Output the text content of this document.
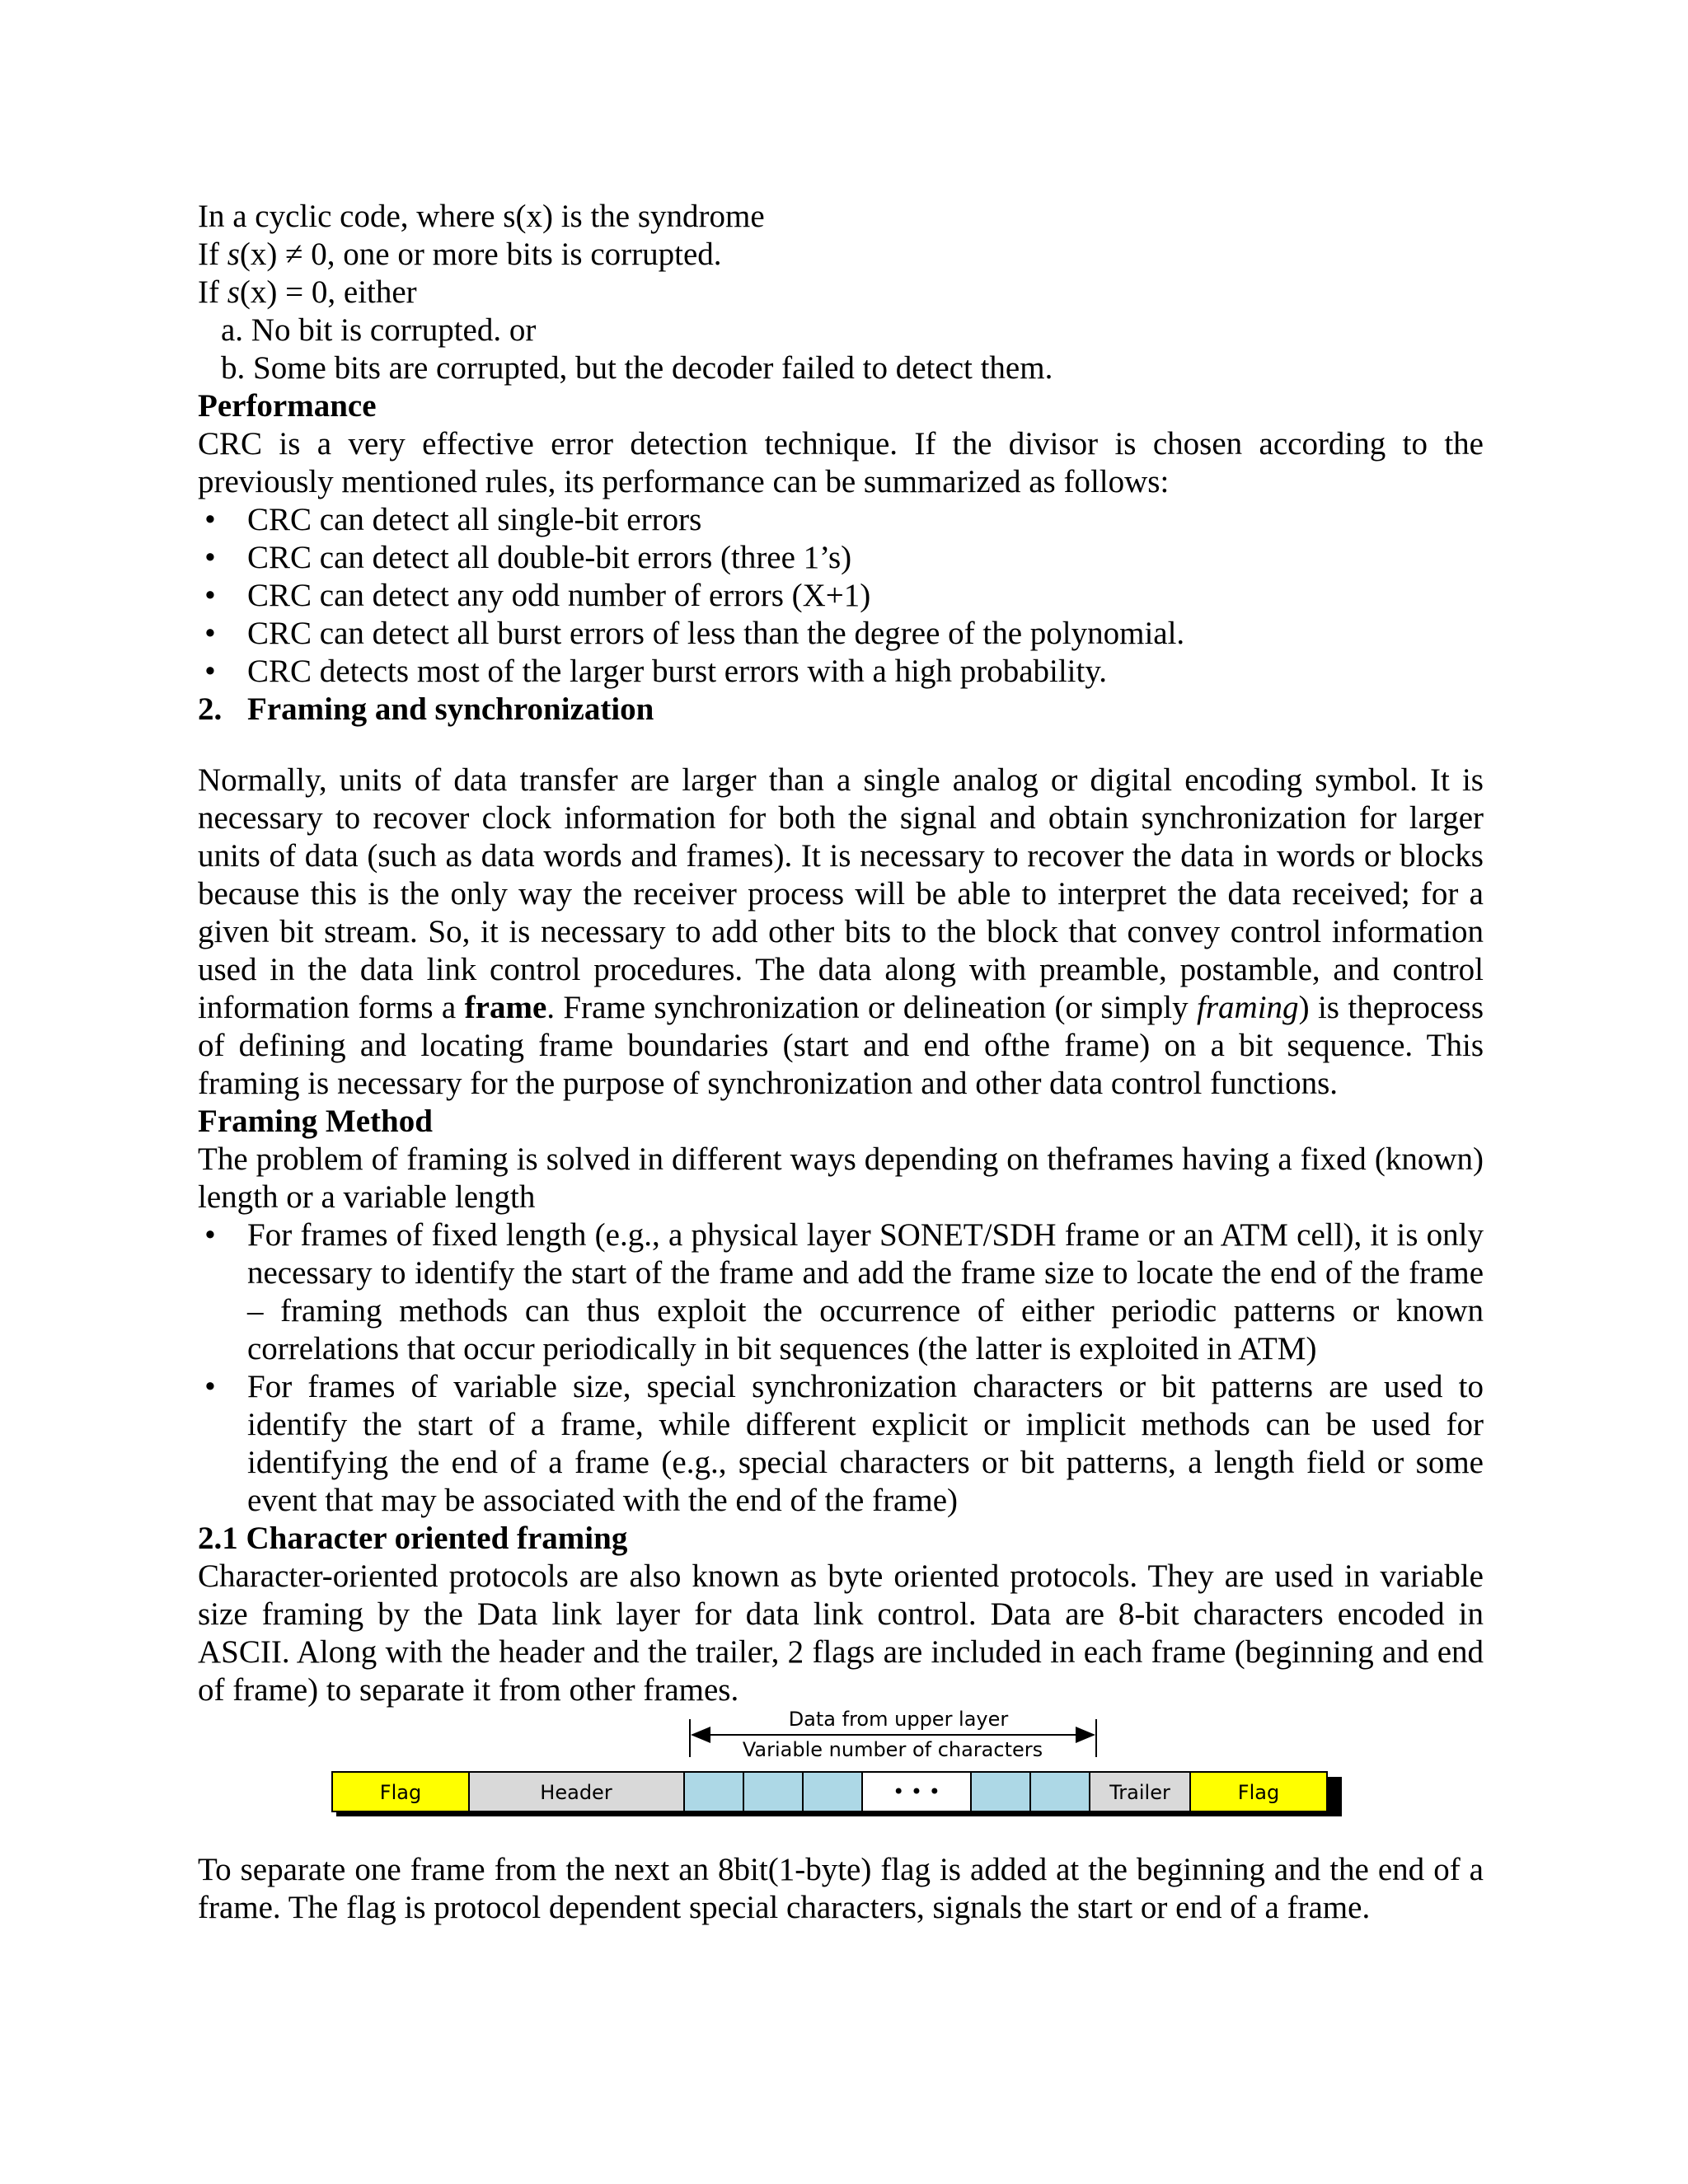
In a cyclic code, where s(x) is the syndrome

If s(x) ≠ 0, one or more bits is corrupted.

If s(x) = 0, either

a. No bit is corrupted. or

b. Some bits are corrupted, but the decoder failed to detect them.

Performance

CRC is a very effective error detection technique. If the divisor is chosen according to the previously mentioned rules, its performance can be summarized as follows:

• CRC can detect all single-bit errors
• CRC can detect all double-bit errors (three 1’s)
• CRC can detect any odd number of errors (X+1)
• CRC can detect all burst errors of less than the degree of the polynomial.
• CRC detects most of the larger burst errors with a high probability.
2. Framing and synchronization

Normally, units of data transfer are larger than a single analog or digital encoding symbol. It is necessary to recover clock information for both the signal and obtain synchronization for larger units of data (such as data words and frames). It is necessary to recover the data in words or blocks because this is the only way the receiver process will be able to interpret the data received; for a given bit stream. So, it is necessary to add other bits to the block that convey control information used in the data link control procedures. The data along with preamble, postamble, and control information forms a frame. Frame synchronization or delineation (or simply framing) is theprocess of defining and locating frame boundaries (start and end ofthe frame) on a bit sequence. This framing is necessary for the purpose of synchronization and other data control functions.

Framing Method

The problem of framing is solved in different ways depending on theframes having a fixed (known) length or a variable length

• For frames of fixed length (e.g., a physical layer SONET/SDH frame or an ATM cell), it is only necessary to identify the start of the frame and add the frame size to locate the end of the frame – framing methods can thus exploit the occurrence of either periodic patterns or known correlations that occur periodically in bit sequences (the latter is exploited in ATM)
• For frames of variable size, special synchronization characters or bit patterns are used to identify the start of a frame, while different explicit or implicit methods can be used for identifying the end of a frame (e.g., special characters or bit patterns, a length field or some event that may be associated with the end of the frame)

2.1 Character oriented framing

Character-oriented protocols are also known as byte oriented protocols. They are used in variable size framing by the Data link layer for data link control. Data are 8-bit characters encoded in ASCII. Along with the header and the trailer, 2 flags are included in each frame (beginning and end of frame) to separate it from other frames.

Data from upper layer
Variable number of characters
Flag	Header	• • •	Trailer	Flag

To separate one frame from the next an 8bit(1-byte) flag is added at the beginning and the end of a frame. The flag is protocol dependent special characters, signals the start or end of a frame.
